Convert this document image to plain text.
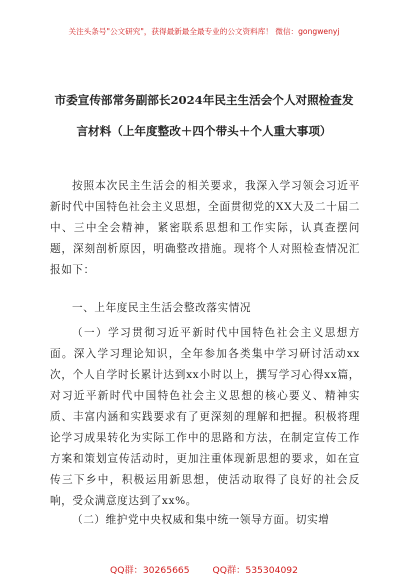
关注头条号"公文研究"，获得最新最全最专业的公文资料库！ 微信：gongwenyj
市委宣传部常务副部长2024年民主生活会个人对照检查发
言材料（上年度整改＋四个带头＋个人重大事项）

按照本次民主生活会的相关要求，我深入学习领会习近平新时代中国特色社会主义思想，全面贯彻党的XX大及二十届二中、三中全会精神，紧密联系思想和工作实际，认真查摆问题，深刻剖析原因，明确整改措施。现将个人对照检查情况汇报如下：

一、上年度民主生活会整改落实情况

（一）学习贯彻习近平新时代中国特色社会主义思想方面。深入学习理论知识，全年参加各类集中学习研讨活动xx次，个人自学时长累计达到xx小时以上，撰写学习心得xx篇，对习近平新时代中国特色社会主义思想的核心要义、精神实质、丰富内涵和实践要求有了更深刻的理解和把握。积极将理论学习成果转化为实际工作中的思路和方法，在制定宣传工作方案和策划宣传活动时，更加注重体现新思想的要求，如在宣传三下乡中，积极运用新思想，使活动取得了良好的社会反响，受众满意度达到了xx%。

（二）维护党中央权威和集中统一领导方面。切实增

QQ群：30265665 QQ群：535304092
